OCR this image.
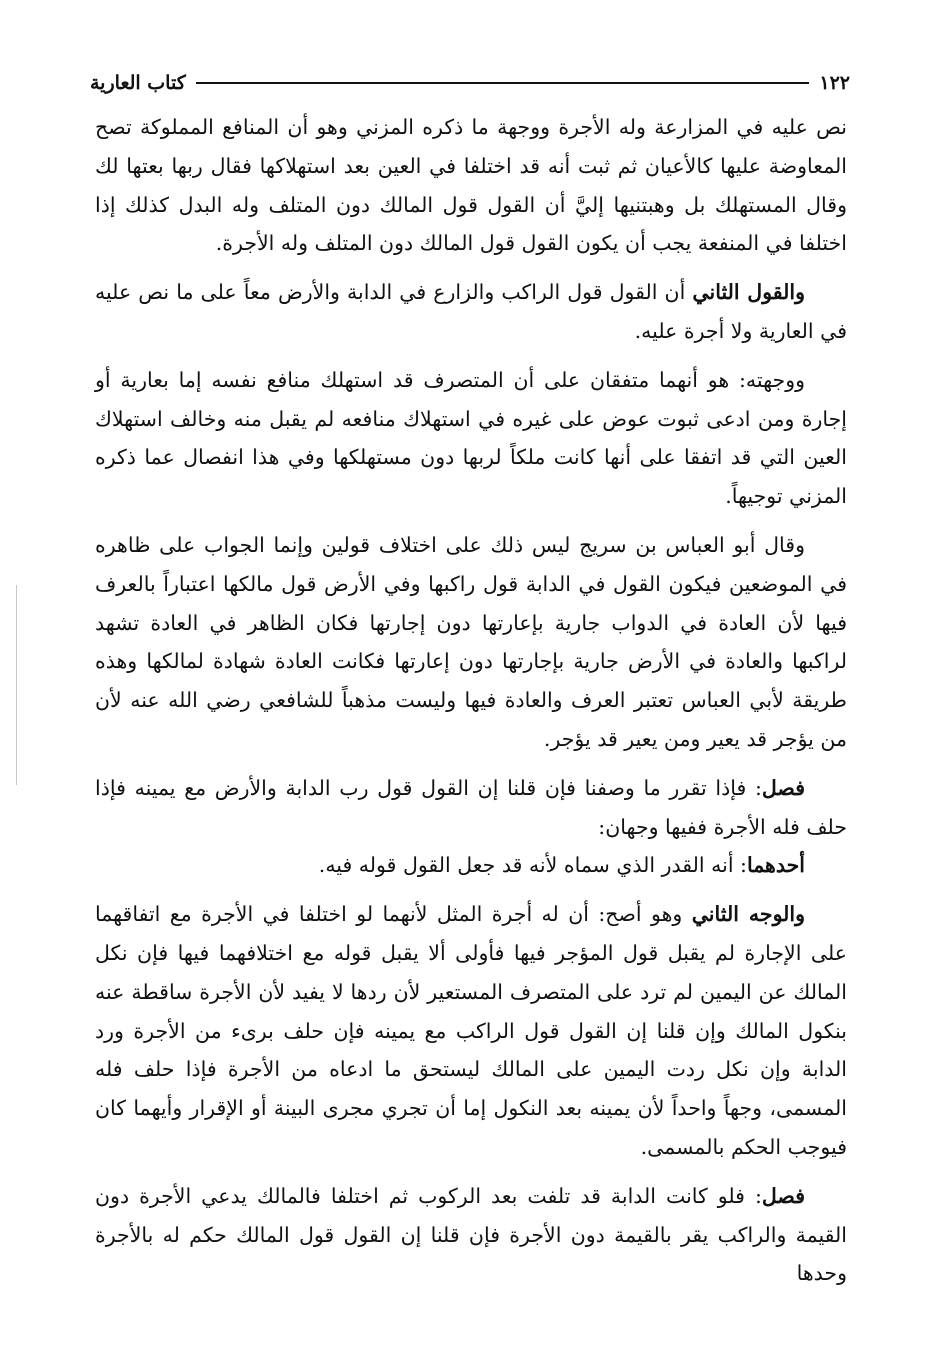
١٢٢
كتاب العارية

نص عليه في المزارعة وله الأجرة ووجهة ما ذكره المزني وهو أن المنافع المملوكة تصح المعاوضة عليها كالأعيان ثم ثبت أنه قد اختلفا في العين بعد استهلاكها فقال ربها بعتها لك وقال المستهلك بل وهبتنيها إليَّ أن القول قول المالك دون المتلف وله البدل كذلك إذا اختلفا في المنفعة يجب أن يكون القول قول المالك دون المتلف وله الأجرة.

والقول الثاني أن القول قول الراكب والزارع في الدابة والأرض معاً على ما نص عليه في العارية ولا أجرة عليه.

ووجهته: هو أنهما متفقان على أن المتصرف قد استهلك منافع نفسه إما بعارية أو إجارة ومن ادعى ثبوت عوض على غيره في استهلاك منافعه لم يقبل منه وخالف استهلاك العين التي قد اتفقا على أنها كانت ملكاً لربها دون مستهلكها وفي هذا انفصال عما ذكره المزني توجيهاً.

وقال أبو العباس بن سريج ليس ذلك على اختلاف قولين وإنما الجواب على ظاهره في الموضعين فيكون القول في الدابة قول راكبها وفي الأرض قول مالكها اعتباراً بالعرف فيها لأن العادة في الدواب جارية بإعارتها دون إجارتها فكان الظاهر في العادة تشهد لراكبها والعادة في الأرض جارية بإجارتها دون إعارتها فكانت العادة شهادة لمالكها وهذه طريقة لأبي العباس تعتبر العرف والعادة فيها وليست مذهباً للشافعي رضي الله عنه لأن من يؤجر قد يعير ومن يعير قد يؤجر.

فصل: فإذا تقرر ما وصفنا فإن قلنا إن القول قول رب الدابة والأرض مع يمينه فإذا حلف فله الأجرة ففيها وجهان:

أحدهما: أنه القدر الذي سماه لأنه قد جعل القول قوله فيه.

والوجه الثاني وهو أصح: أن له أجرة المثل لأنهما لو اختلفا في الأجرة مع اتفاقهما على الإجارة لم يقبل قول المؤجر فيها فأولى ألا يقبل قوله مع اختلافهما فيها فإن نكل المالك عن اليمين لم ترد على المتصرف المستعير لأن ردها لا يفيد لأن الأجرة ساقطة عنه بنكول المالك وإن قلنا إن القول قول الراكب مع يمينه فإن حلف برىء من الأجرة ورد الدابة وإن نكل ردت اليمين على المالك ليستحق ما ادعاه من الأجرة فإذا حلف فله المسمى، وجهاً واحداً لأن يمينه بعد النكول إما أن تجري مجرى البينة أو الإقرار وأيهما كان فيوجب الحكم بالمسمى.

فصل: فلو كانت الدابة قد تلفت بعد الركوب ثم اختلفا فالمالك يدعي الأجرة دون القيمة والراكب يقر بالقيمة دون الأجرة فإن قلنا إن القول قول المالك حكم له بالأجرة وحدها
